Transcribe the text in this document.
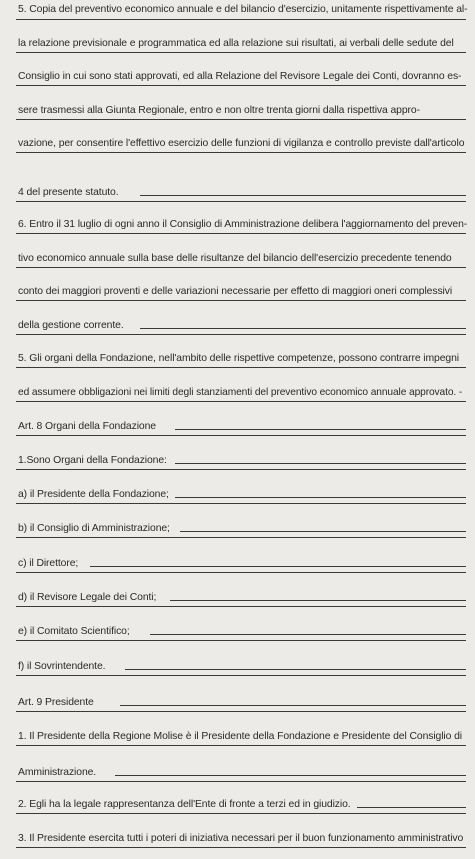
5. Copia del preventivo economico annuale e del bilancio d'esercizio, unitamente rispettivamente al-
la relazione previsionale e programmatica ed alla relazione sui risultati, ai verbali delle sedute del
Consiglio in cui sono stati approvati, ed alla Relazione del Revisore Legale dei Conti, dovranno es-
sere trasmessi alla Giunta Regionale, entro e non oltre trenta giorni dalla rispettiva appro-
vazione, per consentire l'effettivo esercizio delle funzioni di vigilanza e controllo previste dall'articolo
4 del presente statuto.
6. Entro il 31 luglio di ogni anno il Consiglio di Amministrazione delibera l'aggiornamento del preven-
tivo economico annuale sulla base delle risultanze del bilancio dell'esercizio precedente tenendo
conto dei maggiori proventi e delle variazioni necessarie per effetto di maggiori oneri complessivi
della gestione corrente.
5. Gli organi della Fondazione, nell'ambito delle rispettive competenze, possono contrarre impegni
ed assumere obbligazioni nei limiti degli stanziamenti del preventivo economico annuale approvato. -
Art. 8 Organi della Fondazione
1.Sono Organi della Fondazione:
a) il Presidente della Fondazione;
b) il Consiglio di Amministrazione;
c) il Direttore;
d) il Revisore Legale dei Conti;
e) il Comitato Scientifico;
f) il Sovrintendente.
Art. 9 Presidente
1. Il Presidente della Regione Molise è il Presidente della Fondazione e Presidente del Consiglio di
Amministrazione.
2. Egli ha la legale rappresentanza dell'Ente di fronte a terzi ed in giudizio.
3. Il Presidente esercita tutti i poteri di iniziativa necessari per il buon funzionamento amministrativo
